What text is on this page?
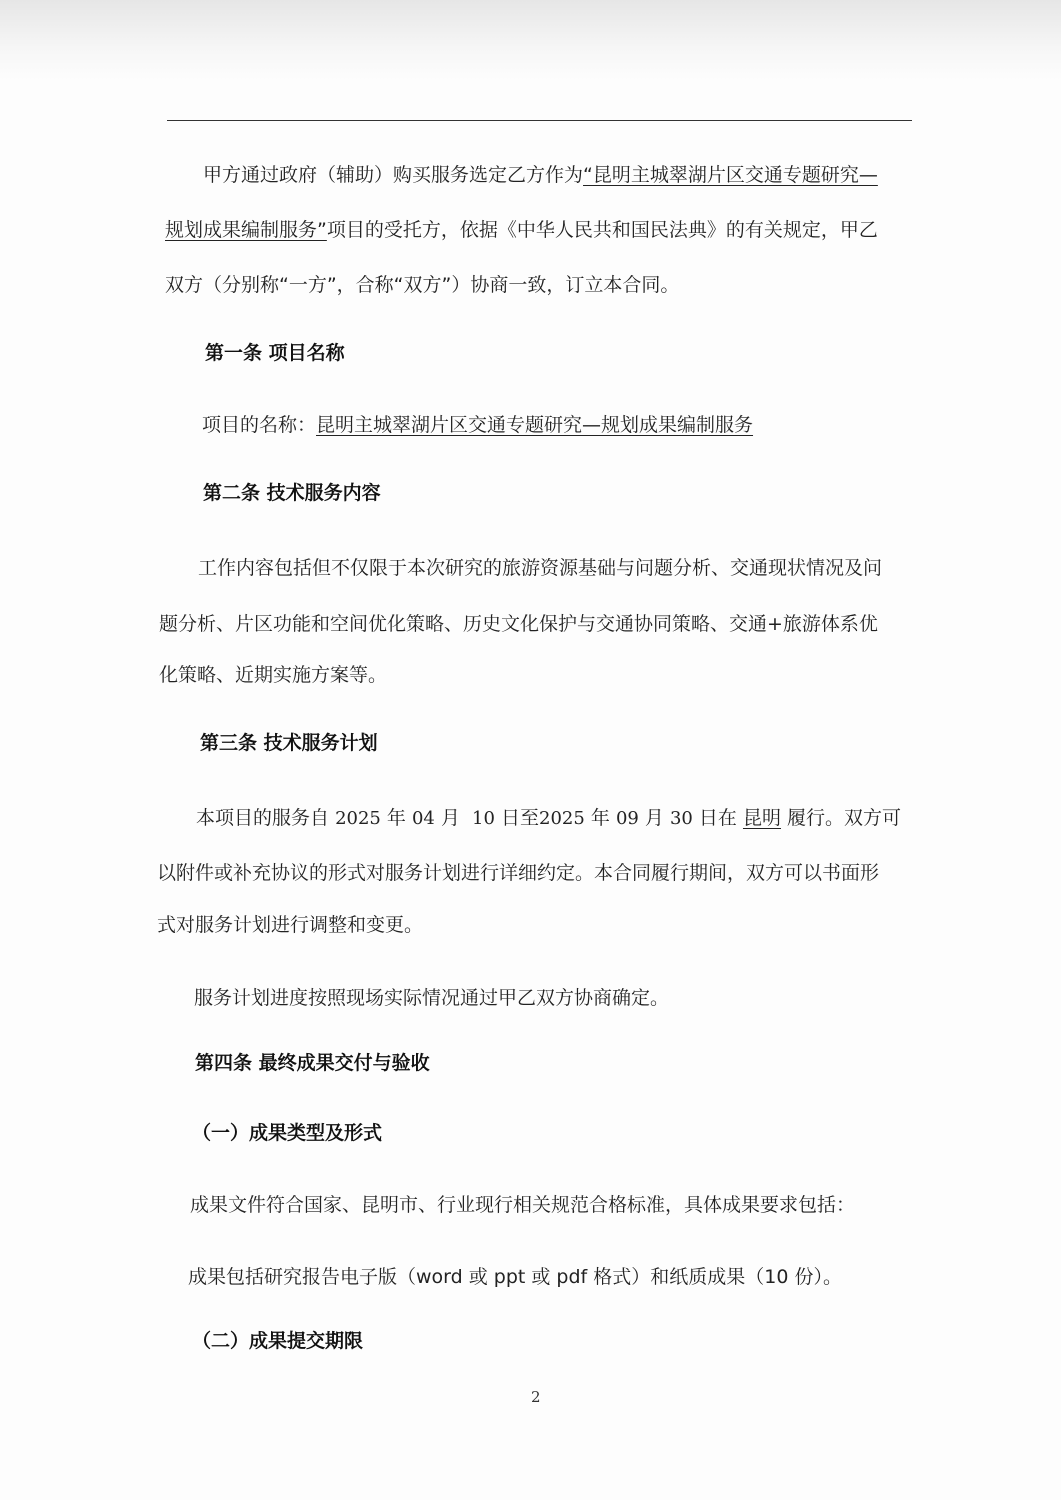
甲方通过政府（辅助）购买服务选定乙方作为“昆明主城翠湖片区交通专题研究—
规划成果编制服务”项目的受托方，依据《中华人民共和国民法典》的有关规定，甲乙
双方（分别称“一方”，合称“双方”）协商一致，订立本合同。
第一条 项目名称
项目的名称：昆明主城翠湖片区交通专题研究—规划成果编制服务
第二条 技术服务内容
工作内容包括但不仅限于本次研究的旅游资源基础与问题分析、交通现状情况及问
题分析、片区功能和空间优化策略、历史文化保护与交通协同策略、交通+旅游体系优
化策略、近期实施方案等。
第三条 技术服务计划
本项目的服务自 2025 年 04 月 10 日至2025 年 09 月 30 日在 昆明 履行。双方可
以附件或补充协议的形式对服务计划进行详细约定。本合同履行期间，双方可以书面形
式对服务计划进行调整和变更。
服务计划进度按照现场实际情况通过甲乙双方协商确定。
第四条 最终成果交付与验收
（一）成果类型及形式
成果文件符合国家、昆明市、行业现行相关规范合格标准，具体成果要求包括：
成果包括研究报告电子版（word 或 ppt 或 pdf 格式）和纸质成果（10 份）。
（二）成果提交期限
2
